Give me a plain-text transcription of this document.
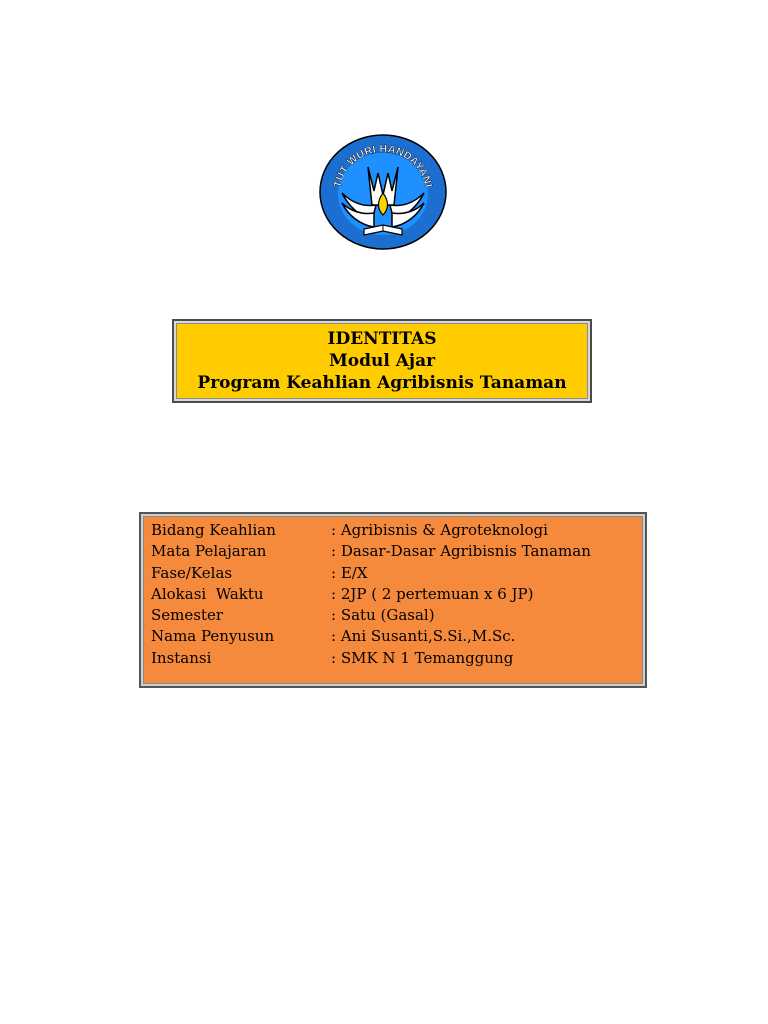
TUT WURI HANDAYANI
IDENTITAS
Modul Ajar
Program Keahlian Agribisnis Tanaman
Bidang Keahlian	: Agribisnis & Agroteknologi
Mata Pelajaran	: Dasar-Dasar Agribisnis Tanaman
Fase/Kelas	: E/X
Alokasi  Waktu	: 2JP ( 2 pertemuan x 6 JP)
Semester	: Satu (Gasal)
Nama Penyusun	: Ani Susanti,S.Si.,M.Sc.
Instansi	: SMK N 1 Temanggung
